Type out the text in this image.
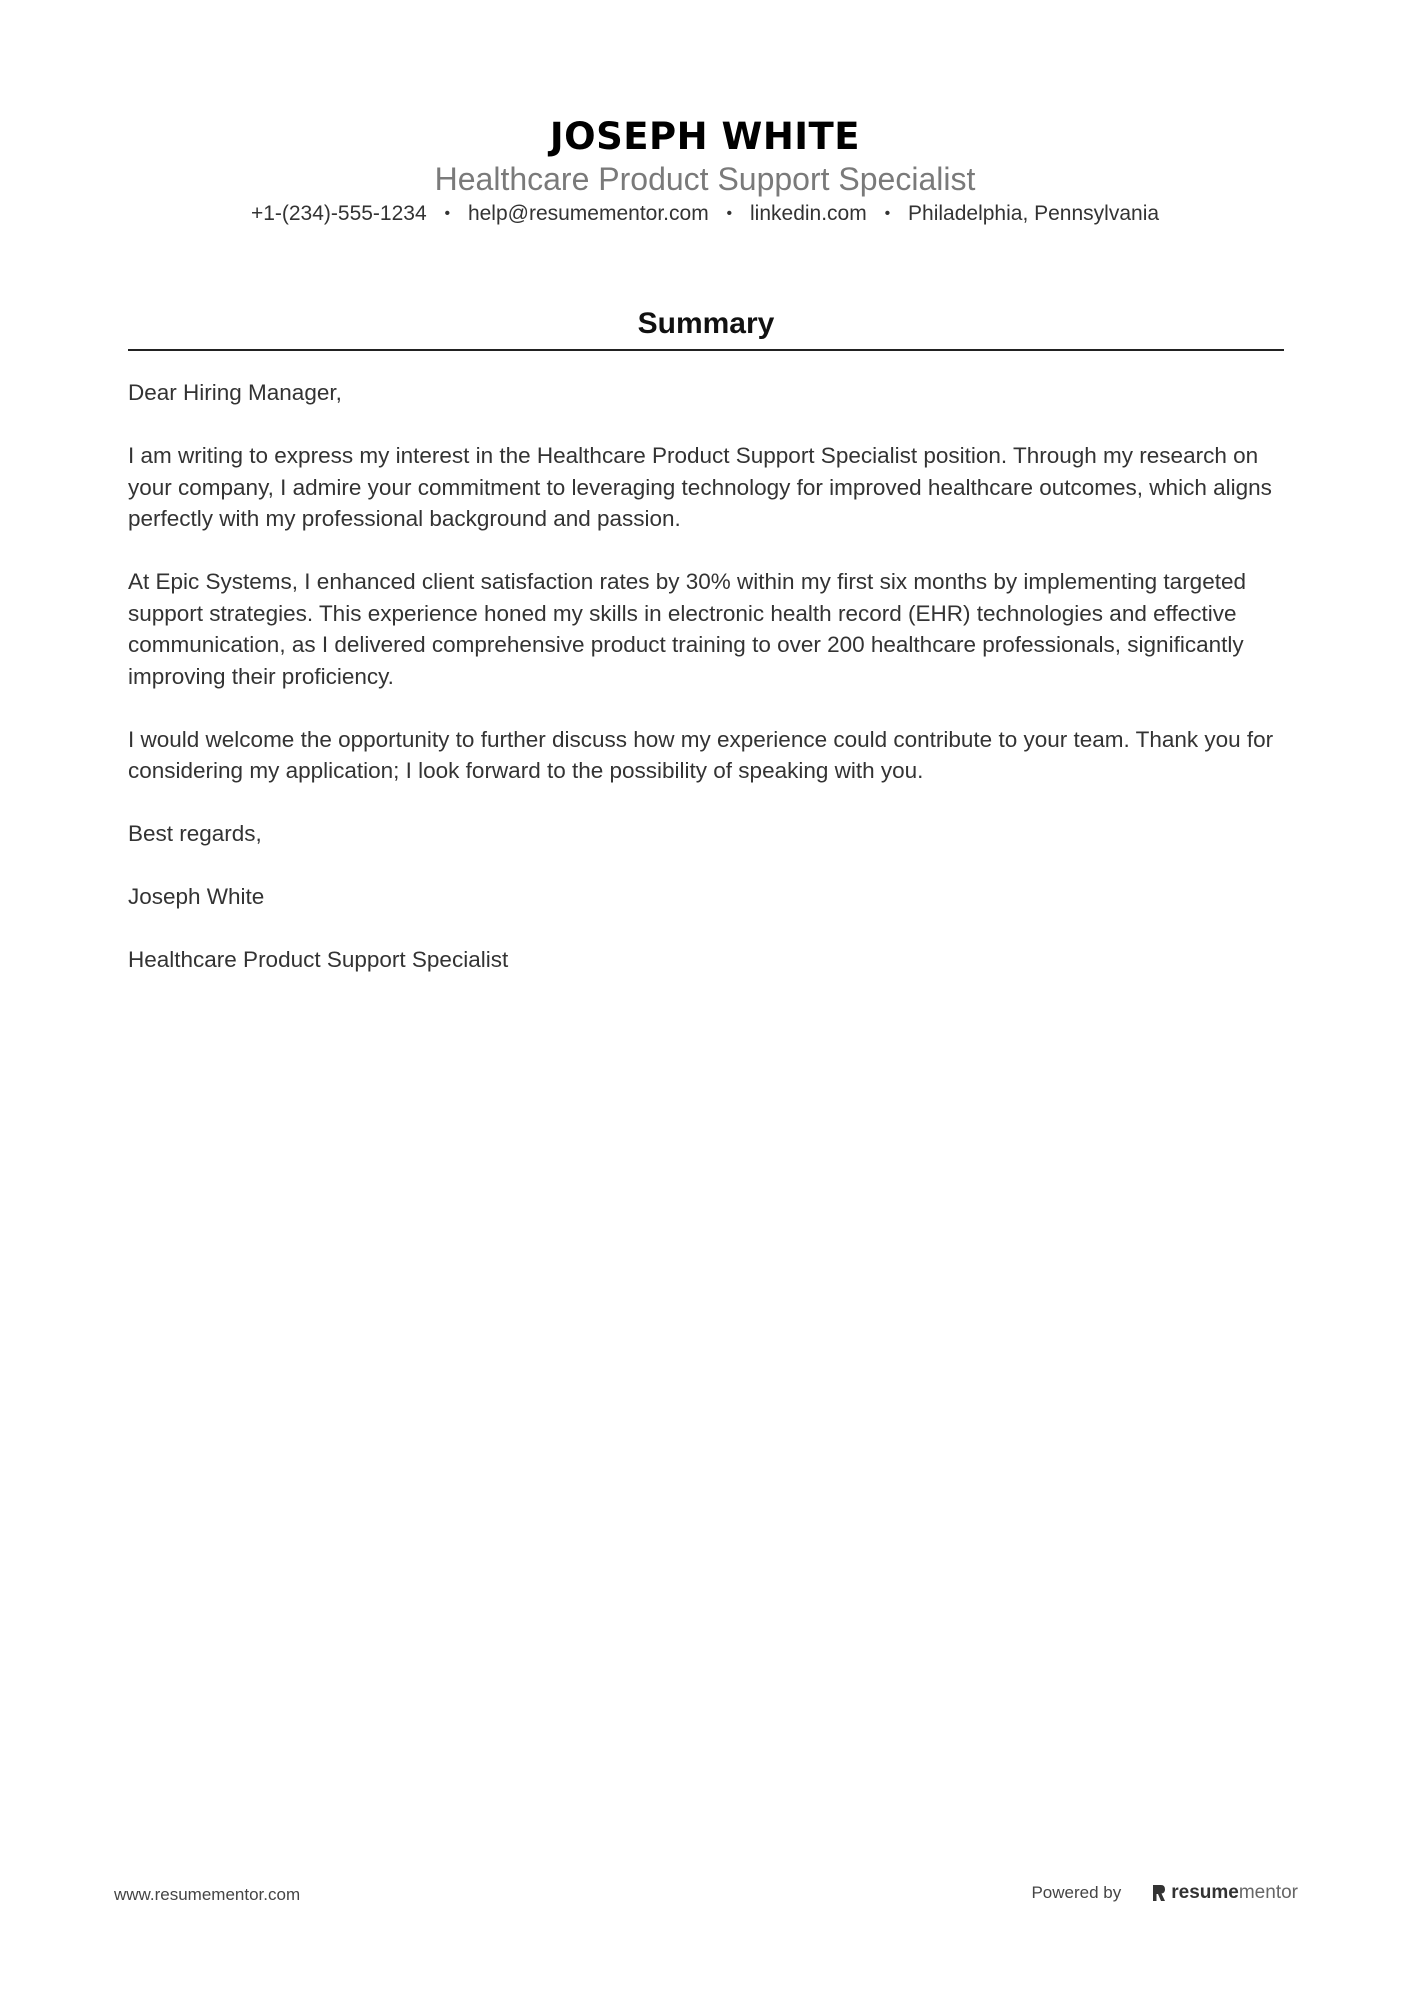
JOSEPH WHITE

Healthcare Product Support Specialist

+1-(234)-555-1234 • help@resumementor.com • linkedin.com • Philadelphia, Pennsylvania
Summary

Dear Hiring Manager,

I am writing to express my interest in the Healthcare Product Support Specialist position. Through my research on your company, I admire your commitment to leveraging technology for improved healthcare outcomes, which aligns perfectly with my professional background and passion.

At Epic Systems, I enhanced client satisfaction rates by 30% within my first six months by implementing targeted support strategies. This experience honed my skills in electronic health record (EHR) technologies and effective communication, as I delivered comprehensive product training to over 200 healthcare professionals, significantly improving their proficiency.

I would welcome the opportunity to further discuss how my experience could contribute to your team. Thank you for considering my application; I look forward to the possibility of speaking with you.

Best regards,

Joseph White

Healthcare Product Support Specialist

www.resumementor.com	Powered by	resume mentor
